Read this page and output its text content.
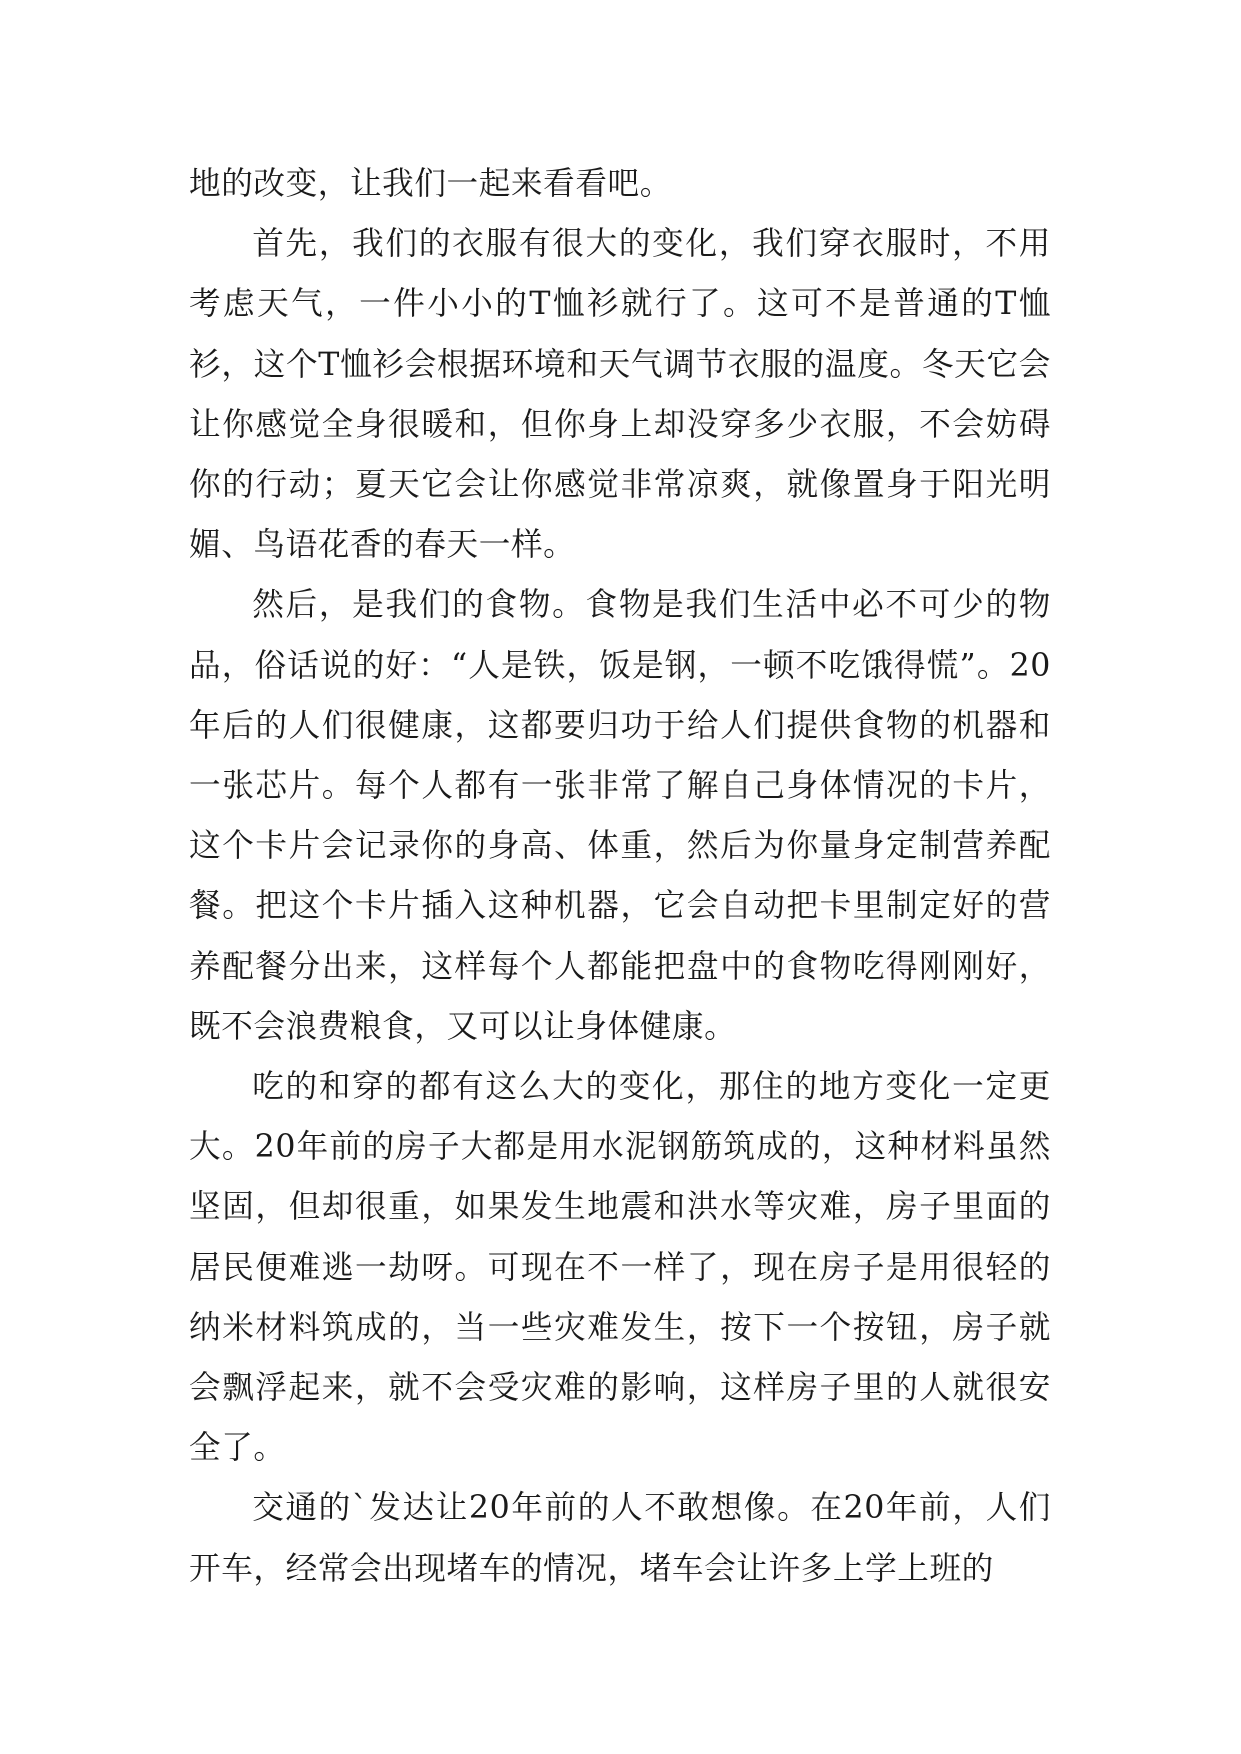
地的改变，让我们一起来看看吧。

首先，我们的衣服有很大的变化，我们穿衣服时，不用考虑天气，一件小小的T恤衫就行了。这可不是普通的T恤衫，这个T恤衫会根据环境和天气调节衣服的温度。冬天它会让你感觉全身很暖和，但你身上却没穿多少衣服，不会妨碍你的行动；夏天它会让你感觉非常凉爽，就像置身于阳光明媚、鸟语花香的春天一样。

然后，是我们的食物。食物是我们生活中必不可少的物品，俗话说的好：“人是铁，饭是钢，一顿不吃饿得慌”。20年后的人们很健康，这都要归功于给人们提供食物的机器和一张芯片。每个人都有一张非常了解自己身体情况的卡片，这个卡片会记录你的身高、体重，然后为你量身定制营养配餐。把这个卡片插入这种机器，它会自动把卡里制定好的营养配餐分出来，这样每个人都能把盘中的食物吃得刚刚好，既不会浪费粮食，又可以让身体健康。

吃的和穿的都有这么大的变化，那住的地方变化一定更大。20年前的房子大都是用水泥钢筋筑成的，这种材料虽然坚固，但却很重，如果发生地震和洪水等灾难，房子里面的居民便难逃一劫呀。可现在不一样了，现在房子是用很轻的纳米材料筑成的，当一些灾难发生，按下一个按钮，房子就会飘浮起来，就不会受灾难的影响，这样房子里的人就很安全了。

交通的`发达让20年前的人不敢想像。在20年前，人们开车，经常会出现堵车的情况，堵车会让许多上学上班的
